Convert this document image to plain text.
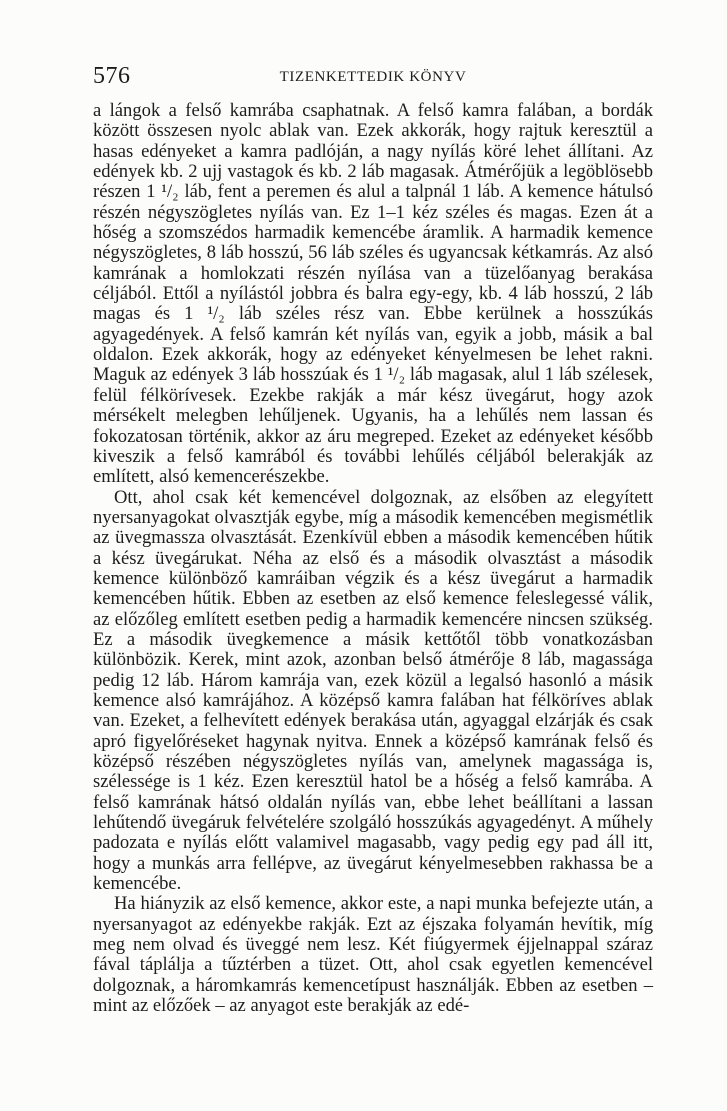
576	TIZENKETTEDIK KÖNYV

a lángok a felső kamrába csaphatnak. A felső kamra falában, a bordák között összesen nyolc ablak van. Ezek akkorák, hogy rajtuk keresztül a hasas edényeket a kamra padlóján, a nagy nyílás köré lehet állítani. Az edények kb. 2 ujj vastagok és kb. 2 láb magasak. Átmérőjük a legöblösebb részen 1 ¹/₂ láb, fent a peremen és alul a talpnál 1 láb. A kemence hátulsó részén négyszögletes nyílás van. Ez 1–1 kéz széles és magas. Ezen át a hőség a szomszédos harmadik kemencébe áramlik. A harmadik kemence négyszögletes, 8 láb hosszú, 56 láb széles és ugyancsak kétkamrás. Az alsó kamrának a homlokzati részén nyílása van a tüzelőanyag berakása céljából. Ettől a nyílástól jobbra és balra egy-egy, kb. 4 láb hosszú, 2 láb magas és 1 ¹/₂ láb széles rész van. Ebbe kerülnek a hosszúkás agyagedények. A felső kamrán két nyílás van, egyik a jobb, másik a bal oldalon. Ezek akkorák, hogy az edényeket kényelmesen be lehet rakni. Maguk az edények 3 láb hosszúak és 1 ¹/₂ láb magasak, alul 1 láb szélesek, felül félkörívesek. Ezekbe rakják a már kész üvegárut, hogy azok mérsékelt melegben lehűljenek. Ugyanis, ha a lehűlés nem lassan és fokozatosan történik, akkor az áru megreped. Ezeket az edényeket később kiveszik a felső kamrából és további lehűlés céljából belerakják az említett, alsó kemencerészekbe.

Ott, ahol csak két kemencével dolgoznak, az elsőben az elegyített nyersanyagokat olvasztják egybe, míg a második kemencében megismétlik az üvegmassza olvasztását. Ezenkívül ebben a második kemencében hűtik a kész üvegárukat. Néha az első és a második olvasztást a második kemence különböző kamráiban végzik és a kész üvegárut a harmadik kemencében hűtik. Ebben az esetben az első kemence feleslegessé válik, az előzőleg említett esetben pedig a harmadik kemencére nincsen szükség. Ez a második üvegkemence a másik kettőtől több vonatkozásban különbözik. Kerek, mint azok, azonban belső átmérője 8 láb, magassága pedig 12 láb. Három kamrája van, ezek közül a legalsó hasonló a másik kemence alsó kamrájához. A középső kamra falában hat félköríves ablak van. Ezeket, a felhevített edények berakása után, agyaggal elzárják és csak apró figyelőréseket hagynak nyitva. Ennek a középső kamrának felső és középső részében négyszögletes nyílás van, amelynek magassága is, szélessége is 1 kéz. Ezen keresztül hatol be a hőség a felső kamrába. A felső kamrának hátsó oldalán nyílás van, ebbe lehet beállítani a lassan lehűtendő üvegáruk felvételére szolgáló hosszúkás agyagedényt. A műhely padozata e nyílás előtt valamivel magasabb, vagy pedig egy pad áll itt, hogy a munkás arra fellépve, az üvegárut kényelmesebben rakhassa be a kemencébe.

Ha hiányzik az első kemence, akkor este, a napi munka befejezte után, a nyersanyagot az edényekbe rakják. Ezt az éjszaka folyamán hevítik, míg meg nem olvad és üveggé nem lesz. Két fiúgyermek éjjelnappal száraz fával táplálja a tűztérben a tüzet. Ott, ahol csak egyetlen kemencével dolgoznak, a háromkamrás kemencetípust használják. Ebben az esetben – mint az előzőek – az anyagot este berakják az edé-
